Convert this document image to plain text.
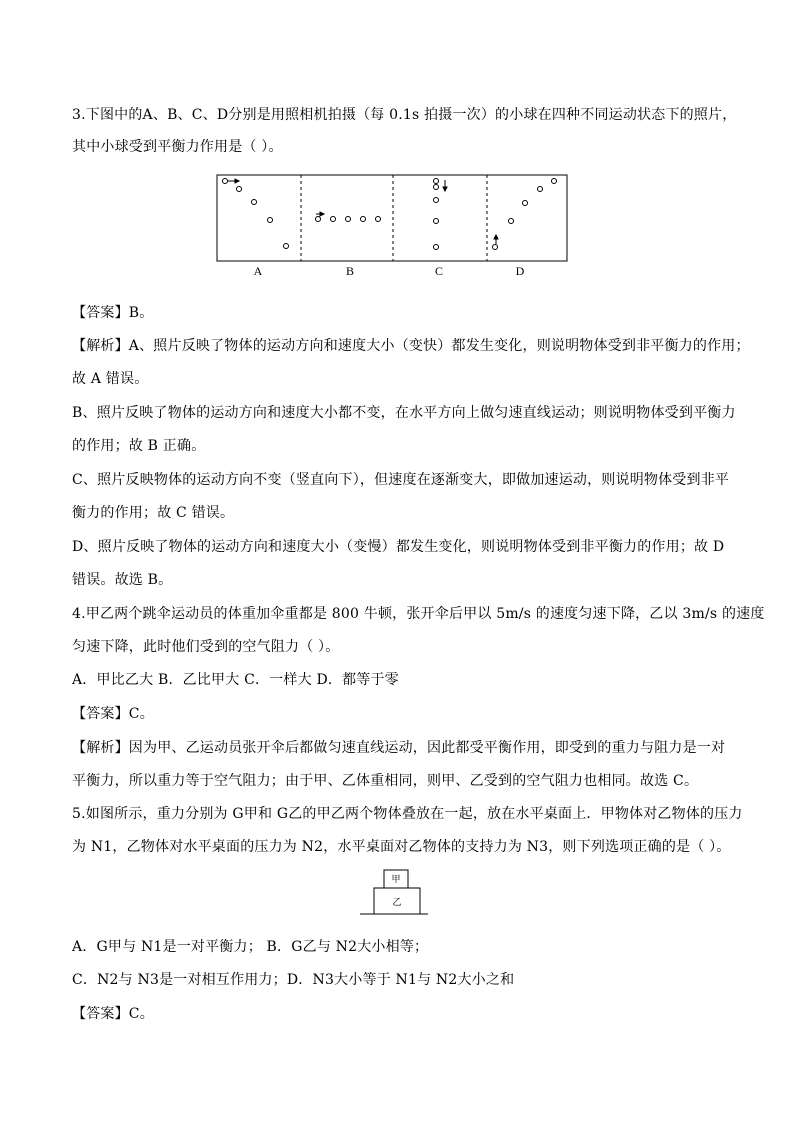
3.下图中的A、B、C、D分别是用照相机拍摄（每 0.1s 拍摄一次）的小球在四种不同运动状态下的照片，
其中小球受到平衡力作用是（ ）。
A	B	C	D
【答案】B。
【解析】A、照片反映了物体的运动方向和速度大小（变快）都发生变化，则说明物体受到非平衡力的作用；
故 A 错误。
B、照片反映了物体的运动方向和速度大小都不变，在水平方向上做匀速直线运动；则说明物体受到平衡力
的作用；故 B 正确。
C、照片反映物体的运动方向不变（竖直向下），但速度在逐渐变大，即做加速运动，则说明物体受到非平
衡力的作用；故 C 错误。
D、照片反映了物体的运动方向和速度大小（变慢）都发生变化，则说明物体受到非平衡力的作用；故 D
错误。故选 B。
4.甲乙两个跳伞运动员的体重加伞重都是 800 牛顿，张开伞后甲以 5m/s 的速度匀速下降，乙以 3m/s 的速度
匀速下降，此时他们受到的空气阻力（ ）。
A．甲比乙大 B．乙比甲大 C．一样大 D．都等于零
【答案】C。
【解析】因为甲、乙运动员张开伞后都做匀速直线运动，因此都受平衡作用，即受到的重力与阻力是一对
平衡力，所以重力等于空气阻力；由于甲、乙体重相同，则甲、乙受到的空气阻力也相同。故选 C。
5.如图所示，重力分别为 G甲和 G乙的甲乙两个物体叠放在一起，放在水平桌面上．甲物体对乙物体的压力
为 N1，乙物体对水平桌面的压力为 N2，水平桌面对乙物体的支持力为 N3，则下列选项正确的是（ ）。
甲
乙
A．G甲与 N1是一对平衡力； B．G乙与 N2大小相等；
C．N2与 N3是一对相互作用力；D．N3大小等于 N1与 N2大小之和
【答案】C。
